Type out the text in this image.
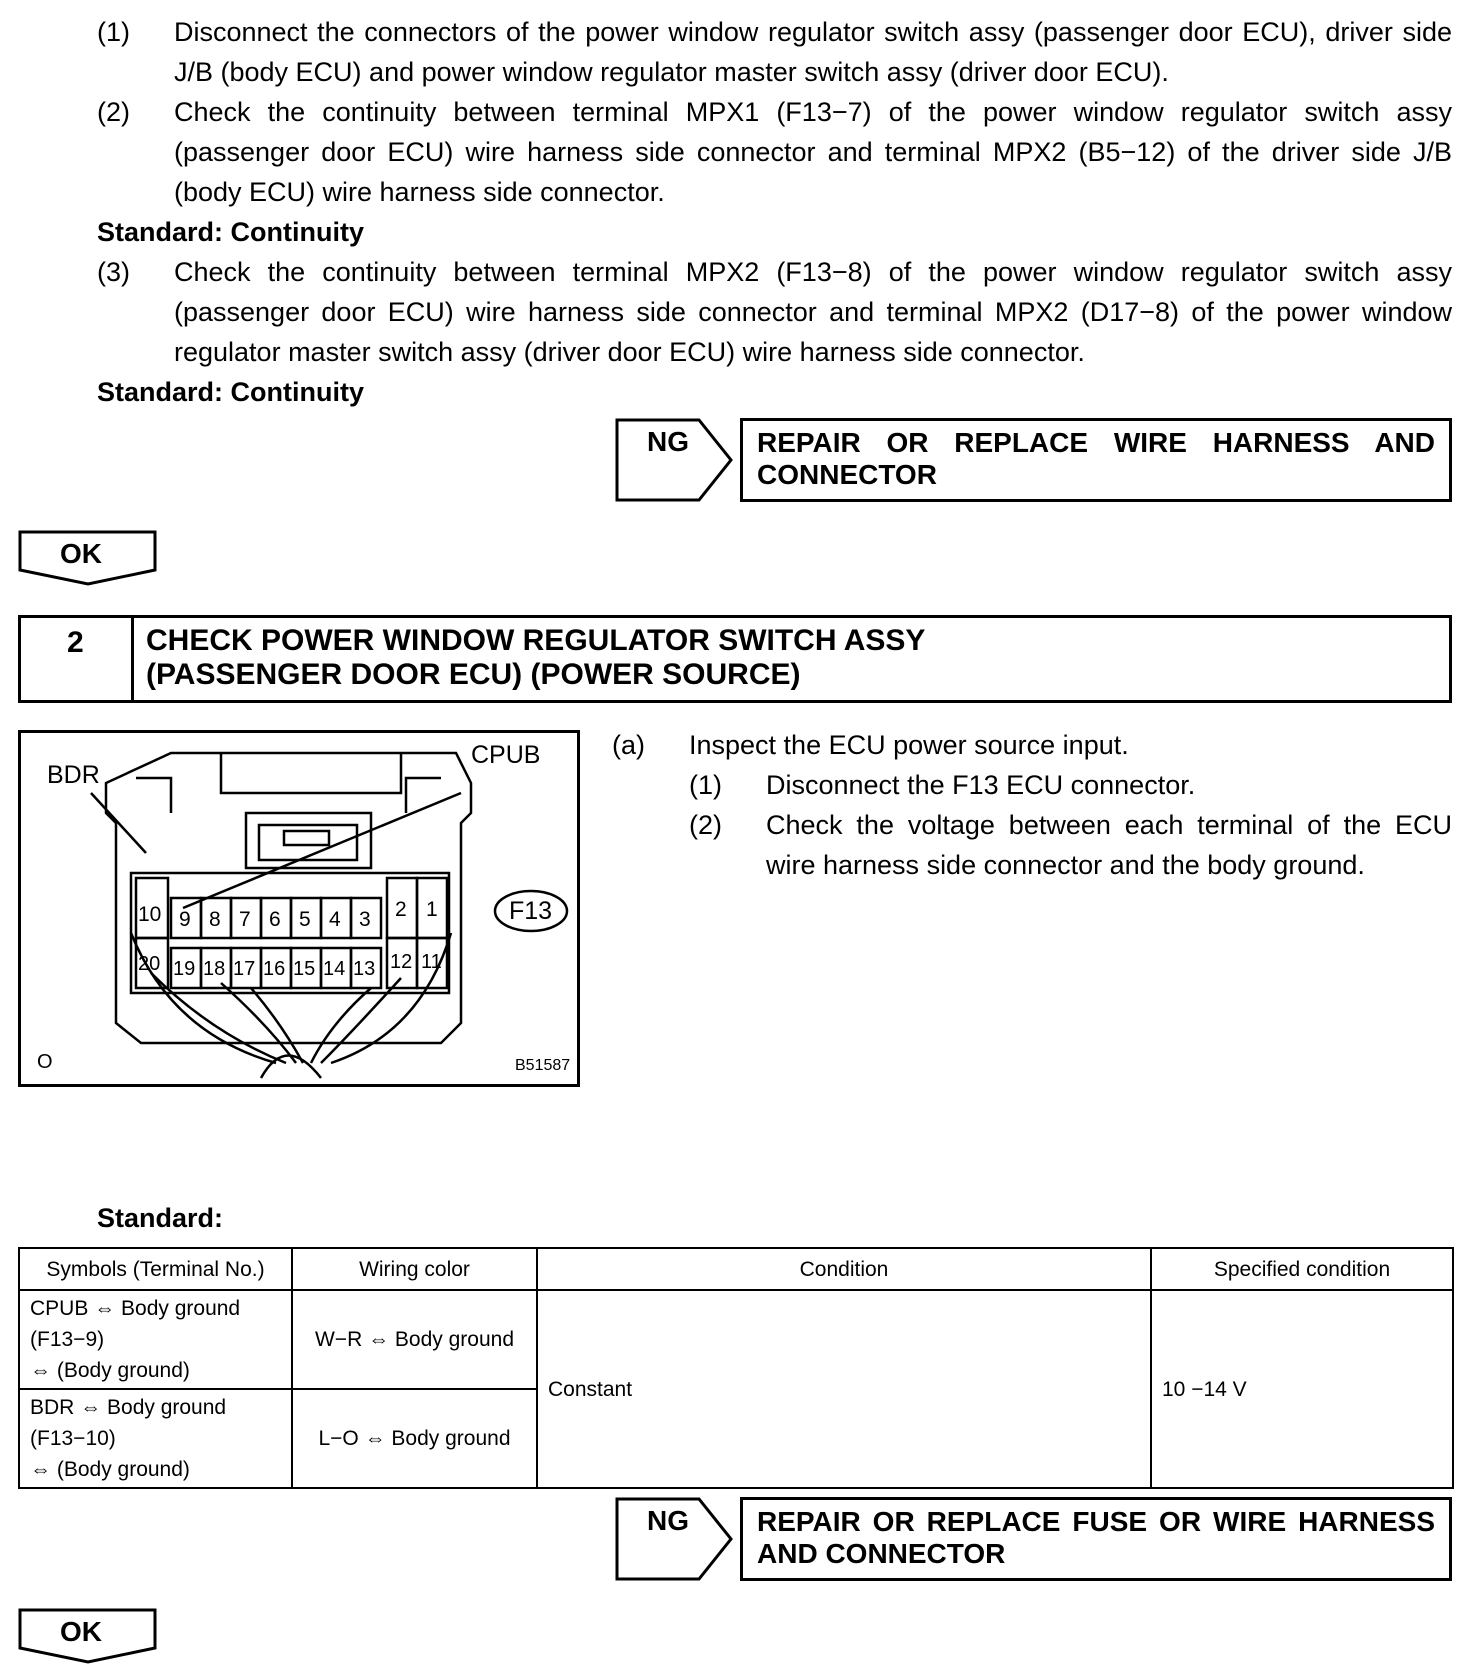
(1) Disconnect the connectors of the power window regulator switch assy (passenger door ECU), driver side J/B (body ECU) and power window regulator master switch assy (driver door ECU).
(2) Check the continuity between terminal MPX1 (F13−7) of the power window regulator switch assy (passenger door ECU) wire harness side connector and terminal MPX2 (B5−12) of the driver side J/B (body ECU) wire harness side connector.
Standard: Continuity
(3) Check the continuity between terminal MPX2 (F13−8) of the power window regulator switch assy (passenger door ECU) wire harness side connector and terminal MPX2 (D17−8) of the power window regulator master switch assy (driver door ECU) wire harness side connector.
Standard: Continuity
NG REPAIR OR REPLACE WIRE HARNESS AND CONNECTOR
OK
2 CHECK POWER WINDOW REGULATOR SWITCH ASSY
(PASSENGER DOOR ECU) (POWER SOURCE)
BDR
CPUB
F13
O	B51587
10 9 8 7 6 5 4 3 2 1
20 19 18 17 16 15 14 13 12 11
(a) Inspect the ECU power source input.
(1) Disconnect the F13 ECU connector.
(2) Check the voltage between each terminal of the ECU wire harness side connector and the body ground.
Standard:
Symbols (Terminal No.)	Wiring color	Condition	Specified condition

CPUB ⇔ Body ground
(F13−9)
⇔ (Body ground)	W−R ⇔ Body ground	Constant	10 −14 V

BDR ⇔ Body ground
(F13−10)
⇔ (Body ground)	L−O ⇔ Body ground		
NG REPAIR OR REPLACE FUSE OR WIRE HARNESS AND CONNECTOR
OK
